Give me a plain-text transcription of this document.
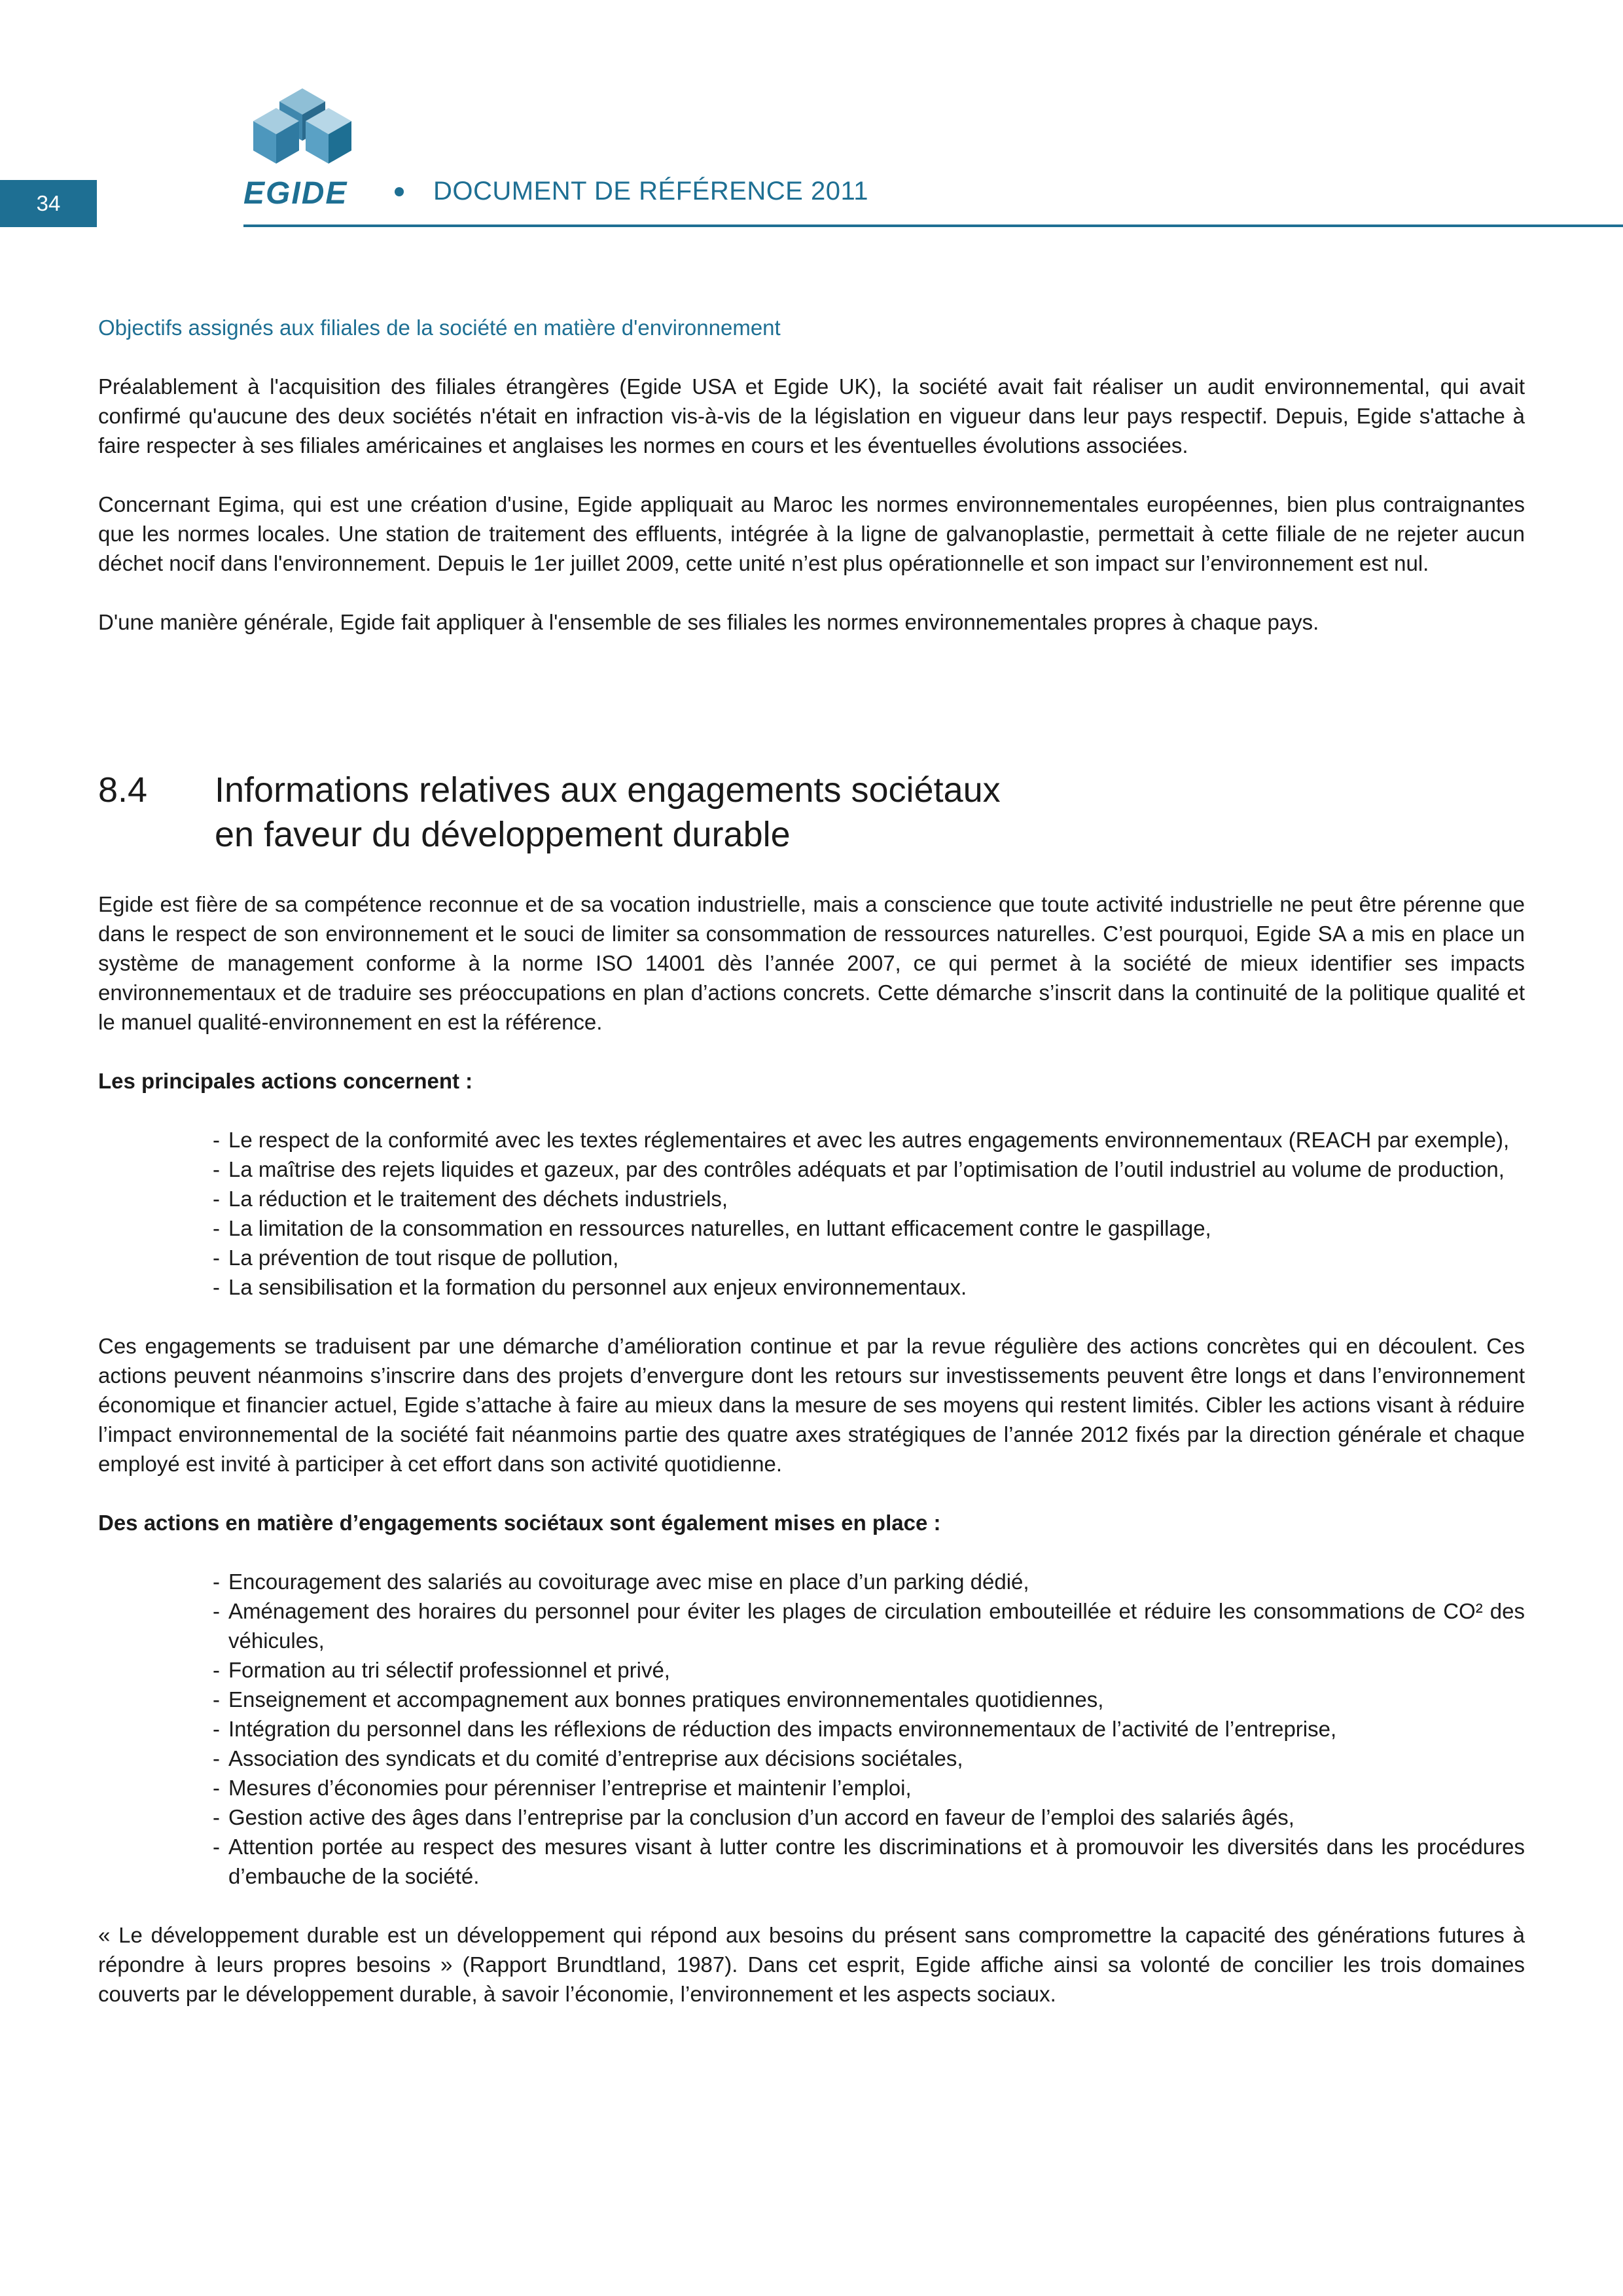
34	EGIDE	DOCUMENT DE RÉFÉRENCE 2011
Objectifs assignés aux filiales de la société en matière d'environnement

Préalablement à l'acquisition des filiales étrangères (Egide USA et Egide UK), la société avait fait réaliser un audit environnemental, qui avait confirmé qu'aucune des deux sociétés n'était en infraction vis-à-vis de la législation en vigueur dans leur pays respectif. Depuis, Egide s'attache à faire respecter à ses filiales américaines et anglaises les normes en cours et les éventuelles évolutions associées.

Concernant Egima, qui est une création d'usine, Egide appliquait au Maroc les normes environnementales européennes, bien plus contraignantes que les normes locales. Une station de traitement des effluents, intégrée à la ligne de galvanoplastie, permettait à cette filiale de ne rejeter aucun déchet nocif dans l'environnement. Depuis le 1er juillet 2009, cette unité n’est plus opérationnelle et son impact sur l’environnement est nul.

D'une manière générale, Egide fait appliquer à l'ensemble de ses filiales les normes environnementales propres à chaque pays.

8.4	Informations relatives aux engagements sociétaux
en faveur du développement durable

Egide est fière de sa compétence reconnue et de sa vocation industrielle, mais a conscience que toute activité industrielle ne peut être pérenne que dans le respect de son environnement et le souci de limiter sa consommation de ressources naturelles. C’est pourquoi, Egide SA a mis en place un système de management conforme à la norme ISO 14001 dès l’année 2007, ce qui permet à la société de mieux identifier ses impacts environnementaux et de traduire ses préoccupations en plan d’actions concrets. Cette démarche s’inscrit dans la continuité de la politique qualité et le manuel qualité-environnement en est la référence.

Les principales actions concernent :
- Le respect de la conformité avec les textes réglementaires et avec les autres engagements environnementaux (REACH par exemple),
- La maîtrise des rejets liquides et gazeux, par des contrôles adéquats et par l’optimisation de l’outil industriel au volume de production,
- La réduction et le traitement des déchets industriels,
- La limitation de la consommation en ressources naturelles, en luttant efficacement contre le gaspillage,
- La prévention de tout risque de pollution,
- La sensibilisation et la formation du personnel aux enjeux environnementaux.

Ces engagements se traduisent par une démarche d’amélioration continue et par la revue régulière des actions concrètes qui en découlent. Ces actions peuvent néanmoins s’inscrire dans des projets d’envergure dont les retours sur investissements peuvent être longs et dans l’environnement économique et financier actuel, Egide s’attache à faire au mieux dans la mesure de ses moyens qui restent limités. Cibler les actions visant à réduire l’impact environnemental de la société fait néanmoins partie des quatre axes stratégiques de l’année 2012 fixés par la direction générale et chaque employé est invité à participer à cet effort dans son activité quotidienne.

Des actions en matière d’engagements sociétaux sont également mises en place :
- Encouragement des salariés au covoiturage avec mise en place d’un parking dédié,
- Aménagement des horaires du personnel pour éviter les plages de circulation embouteillée et réduire les consommations de CO² des véhicules,
- Formation au tri sélectif professionnel et privé,
- Enseignement et accompagnement aux bonnes pratiques environnementales quotidiennes,
- Intégration du personnel dans les réflexions de réduction des impacts environnementaux de l’activité de l’entreprise,
- Association des syndicats et du comité d’entreprise aux décisions sociétales,
- Mesures d’économies pour pérenniser l’entreprise et maintenir l’emploi,
- Gestion active des âges dans l’entreprise par la conclusion d’un accord en faveur de l’emploi des salariés âgés,
- Attention portée au respect des mesures visant à lutter contre les discriminations et à promouvoir les diversités dans les procédures d’embauche de la société.

« Le développement durable est un développement qui répond aux besoins du présent sans compromettre la capacité des générations futures à répondre à leurs propres besoins » (Rapport Brundtland, 1987). Dans cet esprit, Egide affiche ainsi sa volonté de concilier les trois domaines couverts par le développement durable, à savoir l’économie, l’environnement et les aspects sociaux.
